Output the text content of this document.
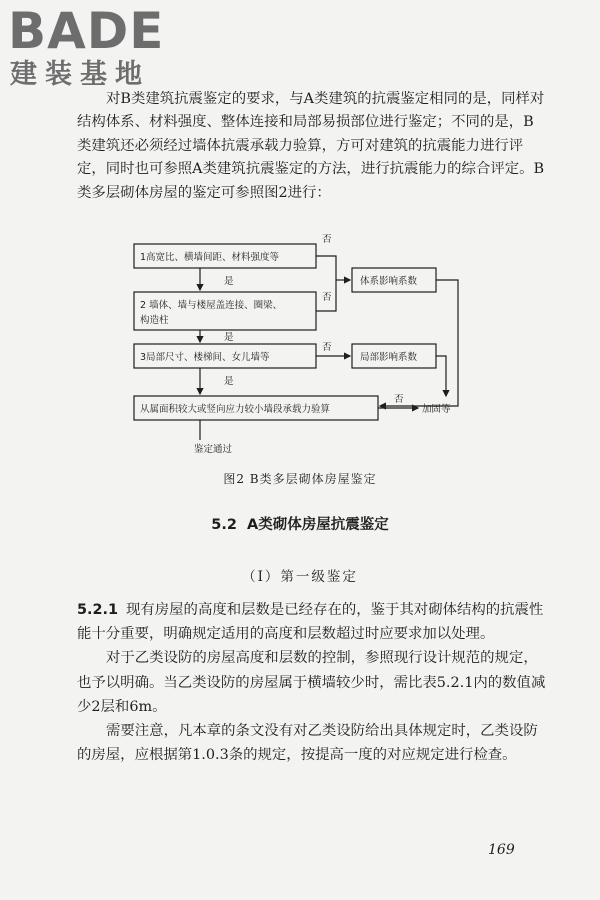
BADE
建装基地

对B类建筑抗震鉴定的要求，与A类建筑的抗震鉴定相同的是，同样对结构体系、材料强度、整体连接和局部易损部位进行鉴定；不同的是，B类建筑还必须经过墙体抗震承载力验算，方可对建筑的抗震能力进行评定，同时也可参照A类建筑抗震鉴定的方法，进行抗震能力的综合评定。B类多层砌体房屋的鉴定可参照图2进行：

1高宽比、横墙间距、材料强度等
2 墙体、墙与楼屋盖连接、圈梁、
构造柱
3局部尺寸、楼梯间、女儿墙等
从属面积较大或竖向应力较小墙段承载力验算
体系影响系数
局部影响系数
是
是
是
否
否
否
否
加固等
鉴定通过
图2 B类多层砌体房屋鉴定
5.2 A类砌体房屋抗震鉴定
（Ⅰ）第一级鉴定

5.2.1 现有房屋的高度和层数是已经存在的，鉴于其对砌体结构的抗震性能十分重要，明确规定适用的高度和层数超过时应要求加以处理。

对于乙类设防的房屋高度和层数的控制，参照现行设计规范的规定，也予以明确。当乙类设防的房屋属于横墙较少时，需比表5.2.1内的数值减少2层和6m。

需要注意，凡本章的条文没有对乙类设防给出具体规定时，乙类设防的房屋，应根据第1.0.3条的规定，按提高一度的对应规定进行检查。

169
